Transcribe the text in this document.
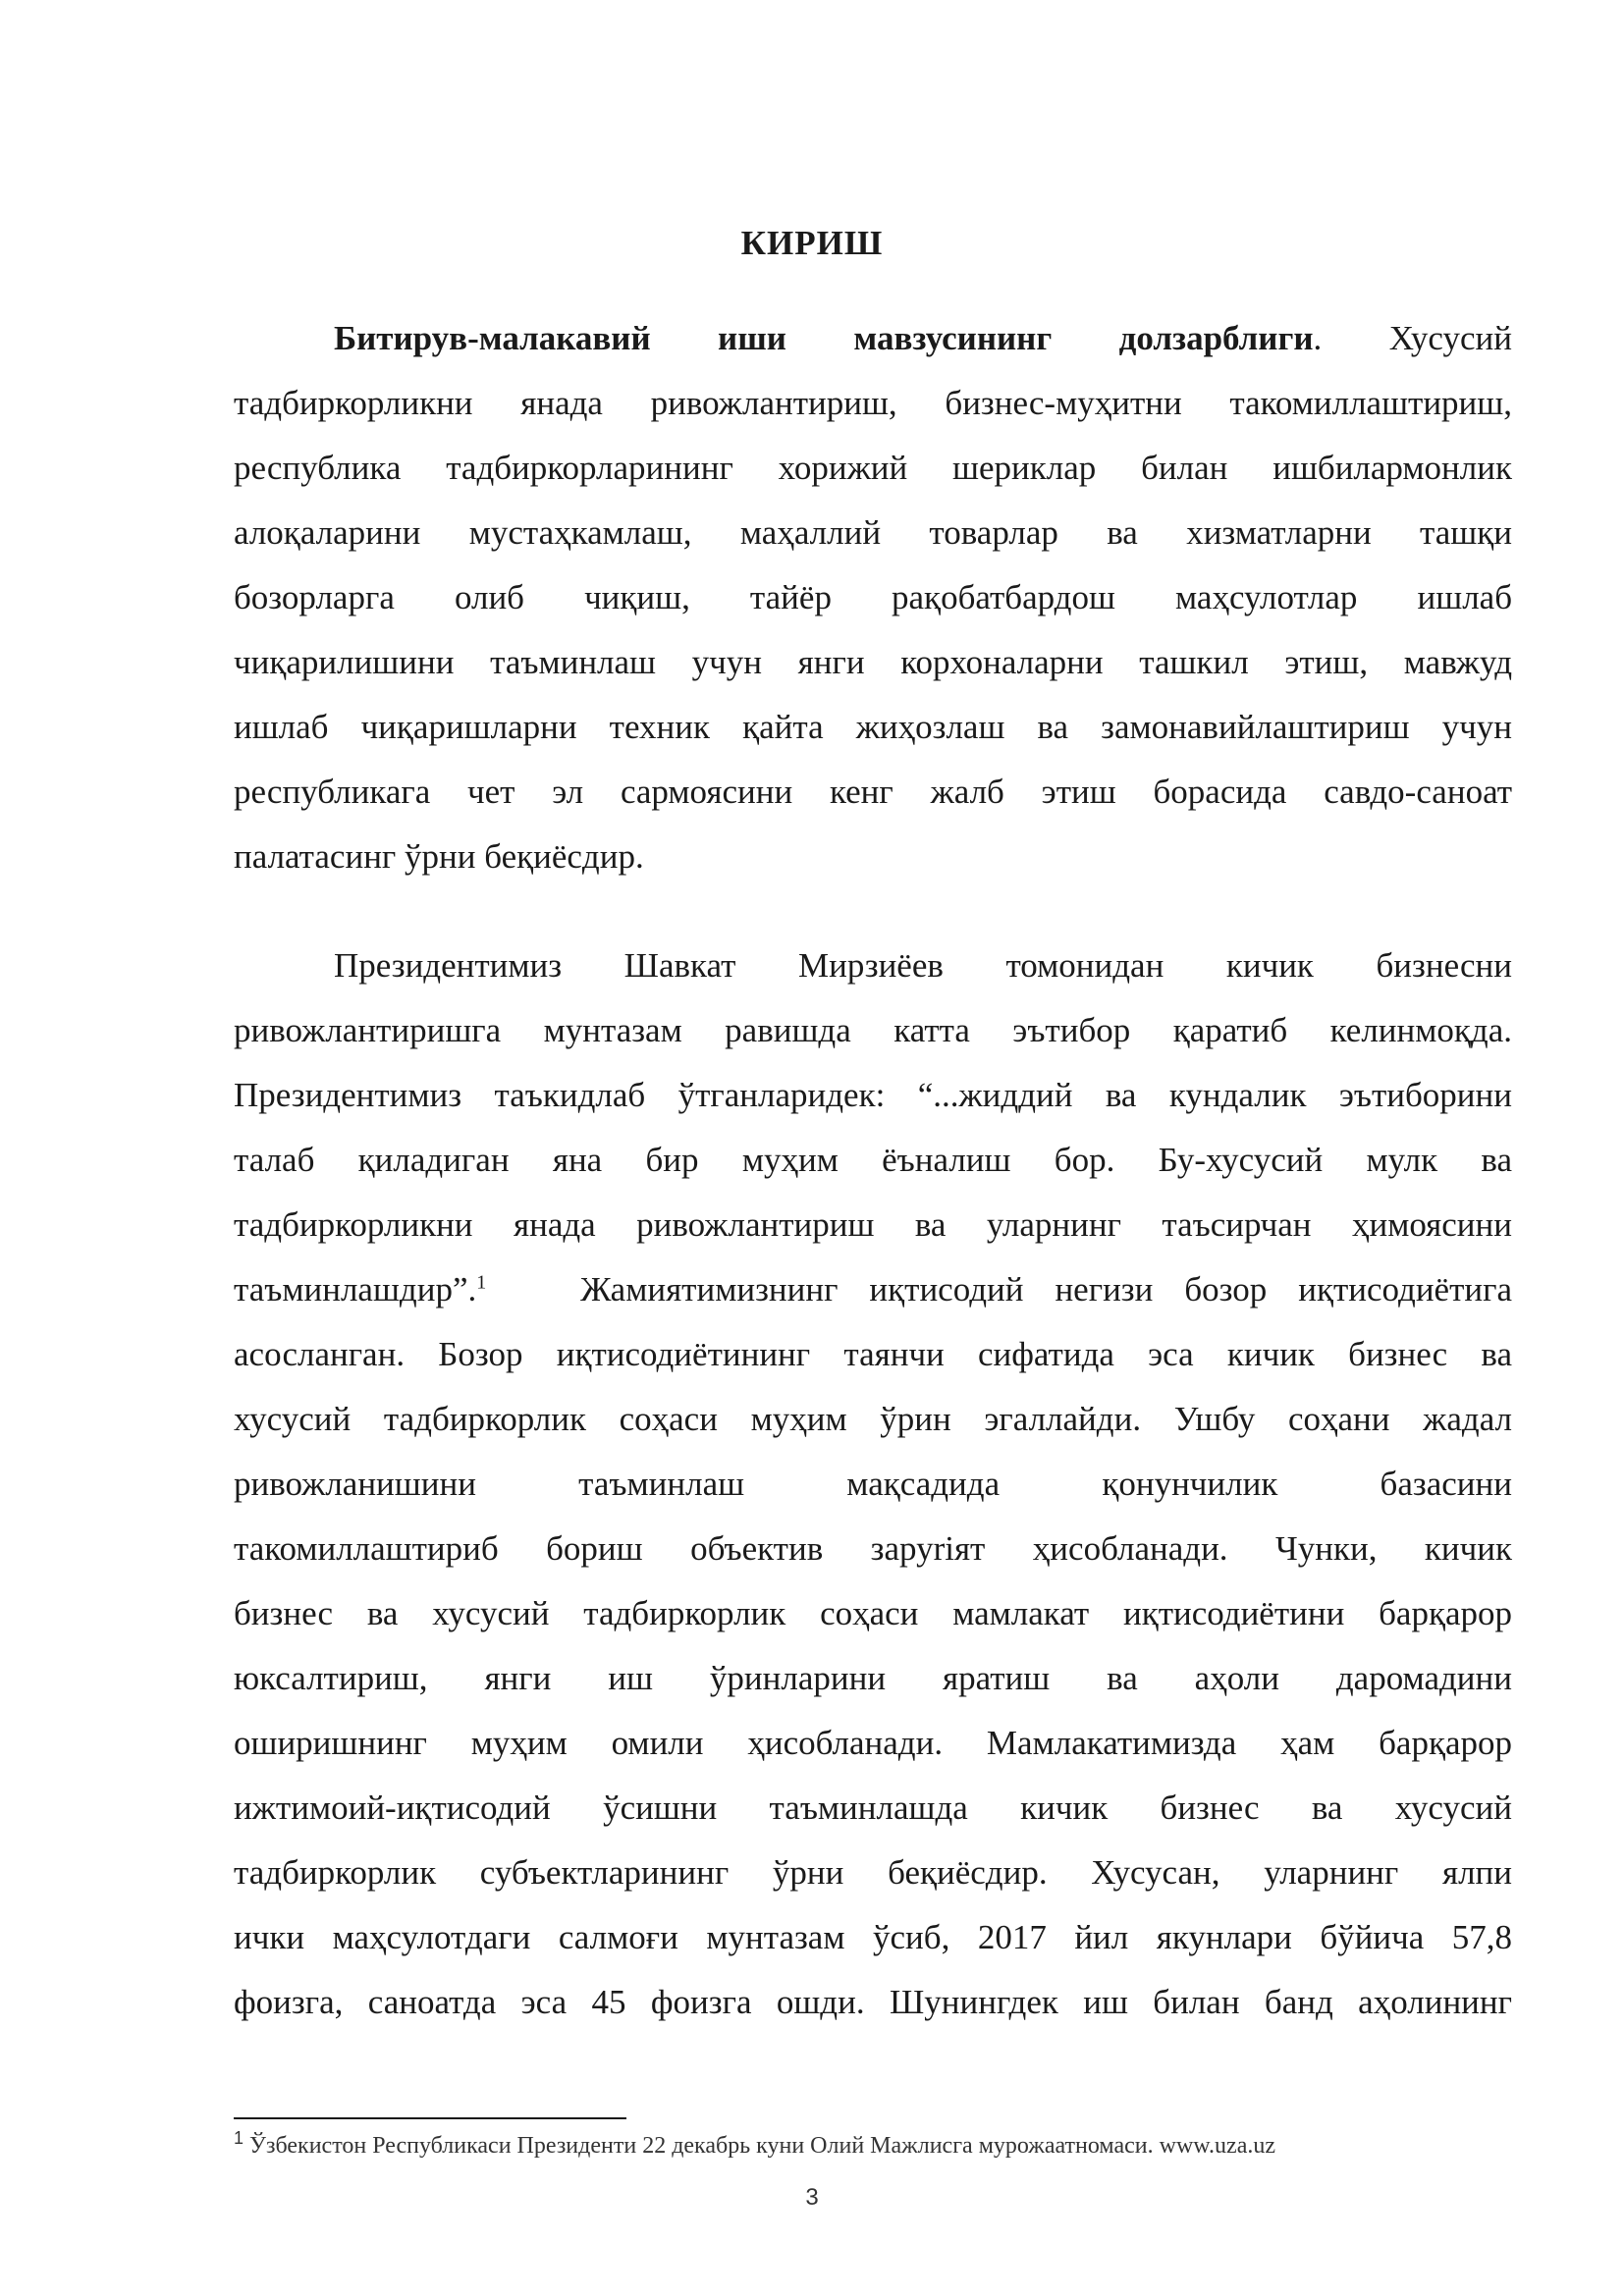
КИРИШ
Битирув-малакавий иши мавзусининг долзарблиги. Хусусий
тадбиркорликни янада ривожлантириш, бизнес-муҳитни такомиллаштириш,
республика тадбиркорларининг хорижий шериклар билан ишбилармонлик
алоқаларини мустаҳкамлаш, маҳаллий товарлар ва хизматларни ташқи
бозорларга олиб чиқиш, тайёр рақобатбардош маҳсулотлар ишлаб
чиқарилишини таъминлаш учун янги корхоналарни ташкил этиш, мавжуд
ишлаб чиқаришларни техник қайта жиҳозлаш ва замонавийлаштириш учун
республикага чет эл сармоясини кенг жалб этиш борасида савдо-саноат
палатасинг ўрни беқиёсдир.
Президентимиз Шавкат Мирзиёев томонидан кичик бизнесни
ривожлантиришга мунтазам равишда катта эътибор қаратиб келинмоқда.
Президентимиз таъкидлаб ўтганларидек: “...жиддий ва кундалик эътиборини
талаб қиладиган яна бир муҳим ёъналиш бор. Бу-хусусий мулк ва
тадбиркорликни янада ривожлантириш ва уларнинг таъсирчан ҳимоясини
таъминлашдир”.$^1$	Жамиятимизнинг иқтисодий негизи бозор иқтисодиётига
асосланган. Бозор иқтисодиётининг таянчи сифатида эса кичик бизнес ва
хусусий тадбиркорлик соҳаси муҳим ўрин эгаллайди. Ушбу соҳани жадал
ривожланишини таъминлаш мақсадида қонунчилик базасини
такомиллаштириб бориш объектив заруriят ҳисобланади. Чунки, кичик
бизнес ва хусусий тадбиркорлик соҳаси мамлакат иқтисодиётини барқарор
юксалтириш, янги иш ўринларини яратиш ва аҳоли даромадини
оширишнинг муҳим омили ҳисобланади. Мамлакатимизда ҳам барқарор
ижтимоий-иқтисодий ўсишни таъминлашда кичик бизнес ва хусусий
тадбиркорлик субъектларининг ўрни беқиёсдир. Хусусан, уларнинг ялпи
ички маҳсулотдаги салмоғи мунтазам ўсиб, 2017 йил якунлари бўйича 57,8
фоизга, саноатда эса 45 фоизга ошди. Шунингдек иш билан банд аҳолининг
$^1$ Ўзбекистон Республикаси Президенти 22 декабрь куни Олий Мажлисга мурожаатномаси. www.uza.uz
3
